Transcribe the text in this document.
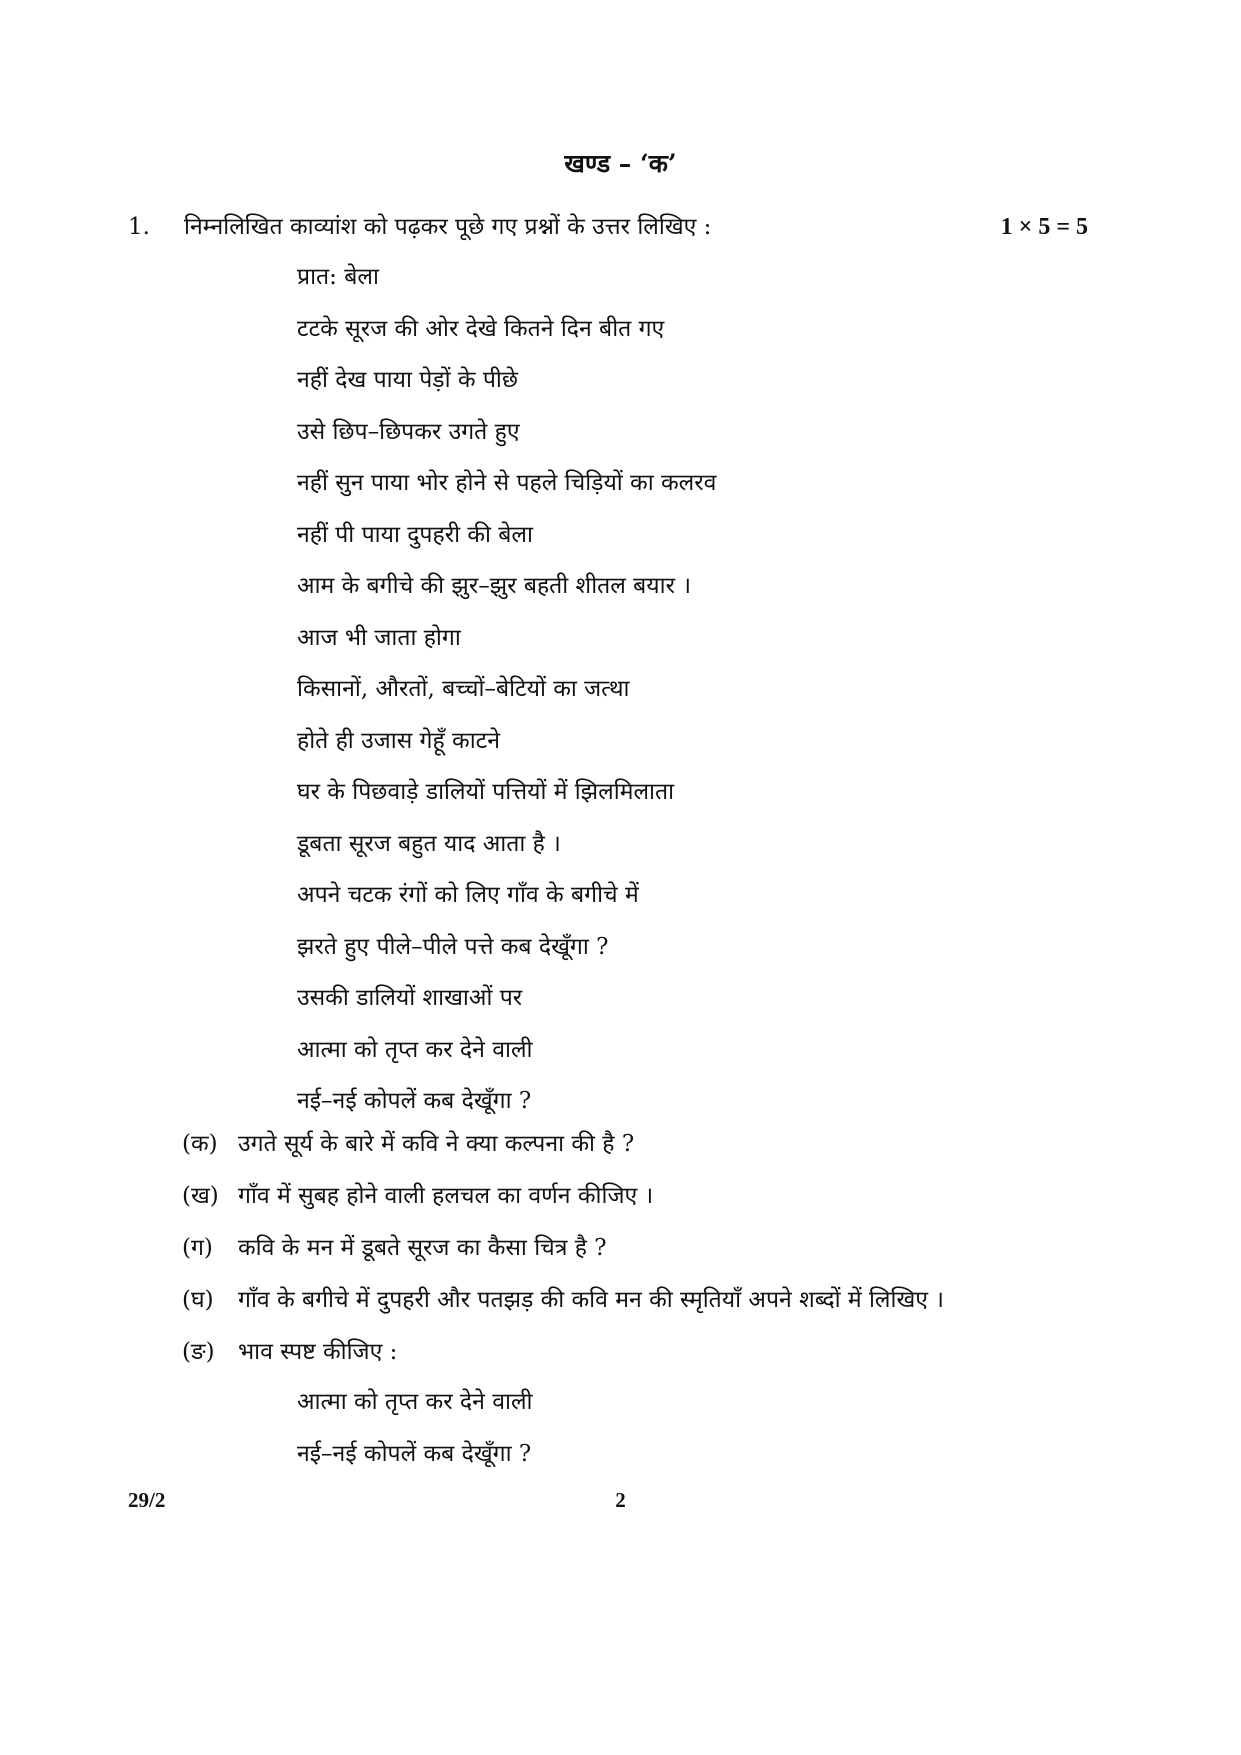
खण्ड – ‘क’
1. निम्नलिखित काव्यांश को पढ़कर पूछे गए प्रश्नों के उत्तर लिखिए :	1 × 5 = 5
प्रात: बेला
टटके सूरज की ओर देखे कितने दिन बीत गए
नहीं देख पाया पेड़ों के पीछे
उसे छिप–छिपकर उगते हुए
नहीं सुन पाया भोर होने से पहले चिड़ियों का कलरव
नहीं पी पाया दुपहरी की बेला
आम के बगीचे की झुर–झुर बहती शीतल बयार ।
आज भी जाता होगा
किसानों, औरतों, बच्चों–बेटियों का जत्था
होते ही उजास गेहूँ काटने
घर के पिछवाड़े डालियों पत्तियों में झिलमिलाता
डूबता सूरज बहुत याद आता है ।
अपने चटक रंगों को लिए गाँव के बगीचे में
झरते हुए पीले–पीले पत्ते कब देखूँगा ?
उसकी डालियों शाखाओं पर
आत्मा को तृप्त कर देने वाली
नई–नई कोपलें कब देखूँगा ?
(क) उगते सूर्य के बारे में कवि ने क्या कल्पना की है ?
(ख) गाँव में सुबह होने वाली हलचल का वर्णन कीजिए ।
(ग) कवि के मन में डूबते सूरज का कैसा चित्र है ?
(घ) गाँव के बगीचे में दुपहरी और पतझड़ की कवि मन की स्मृतियाँ अपने शब्दों में लिखिए ।
(ङ) भाव स्पष्ट कीजिए :
आत्मा को तृप्त कर देने वाली
नई–नई कोपलें कब देखूँगा ?
29/2	2
